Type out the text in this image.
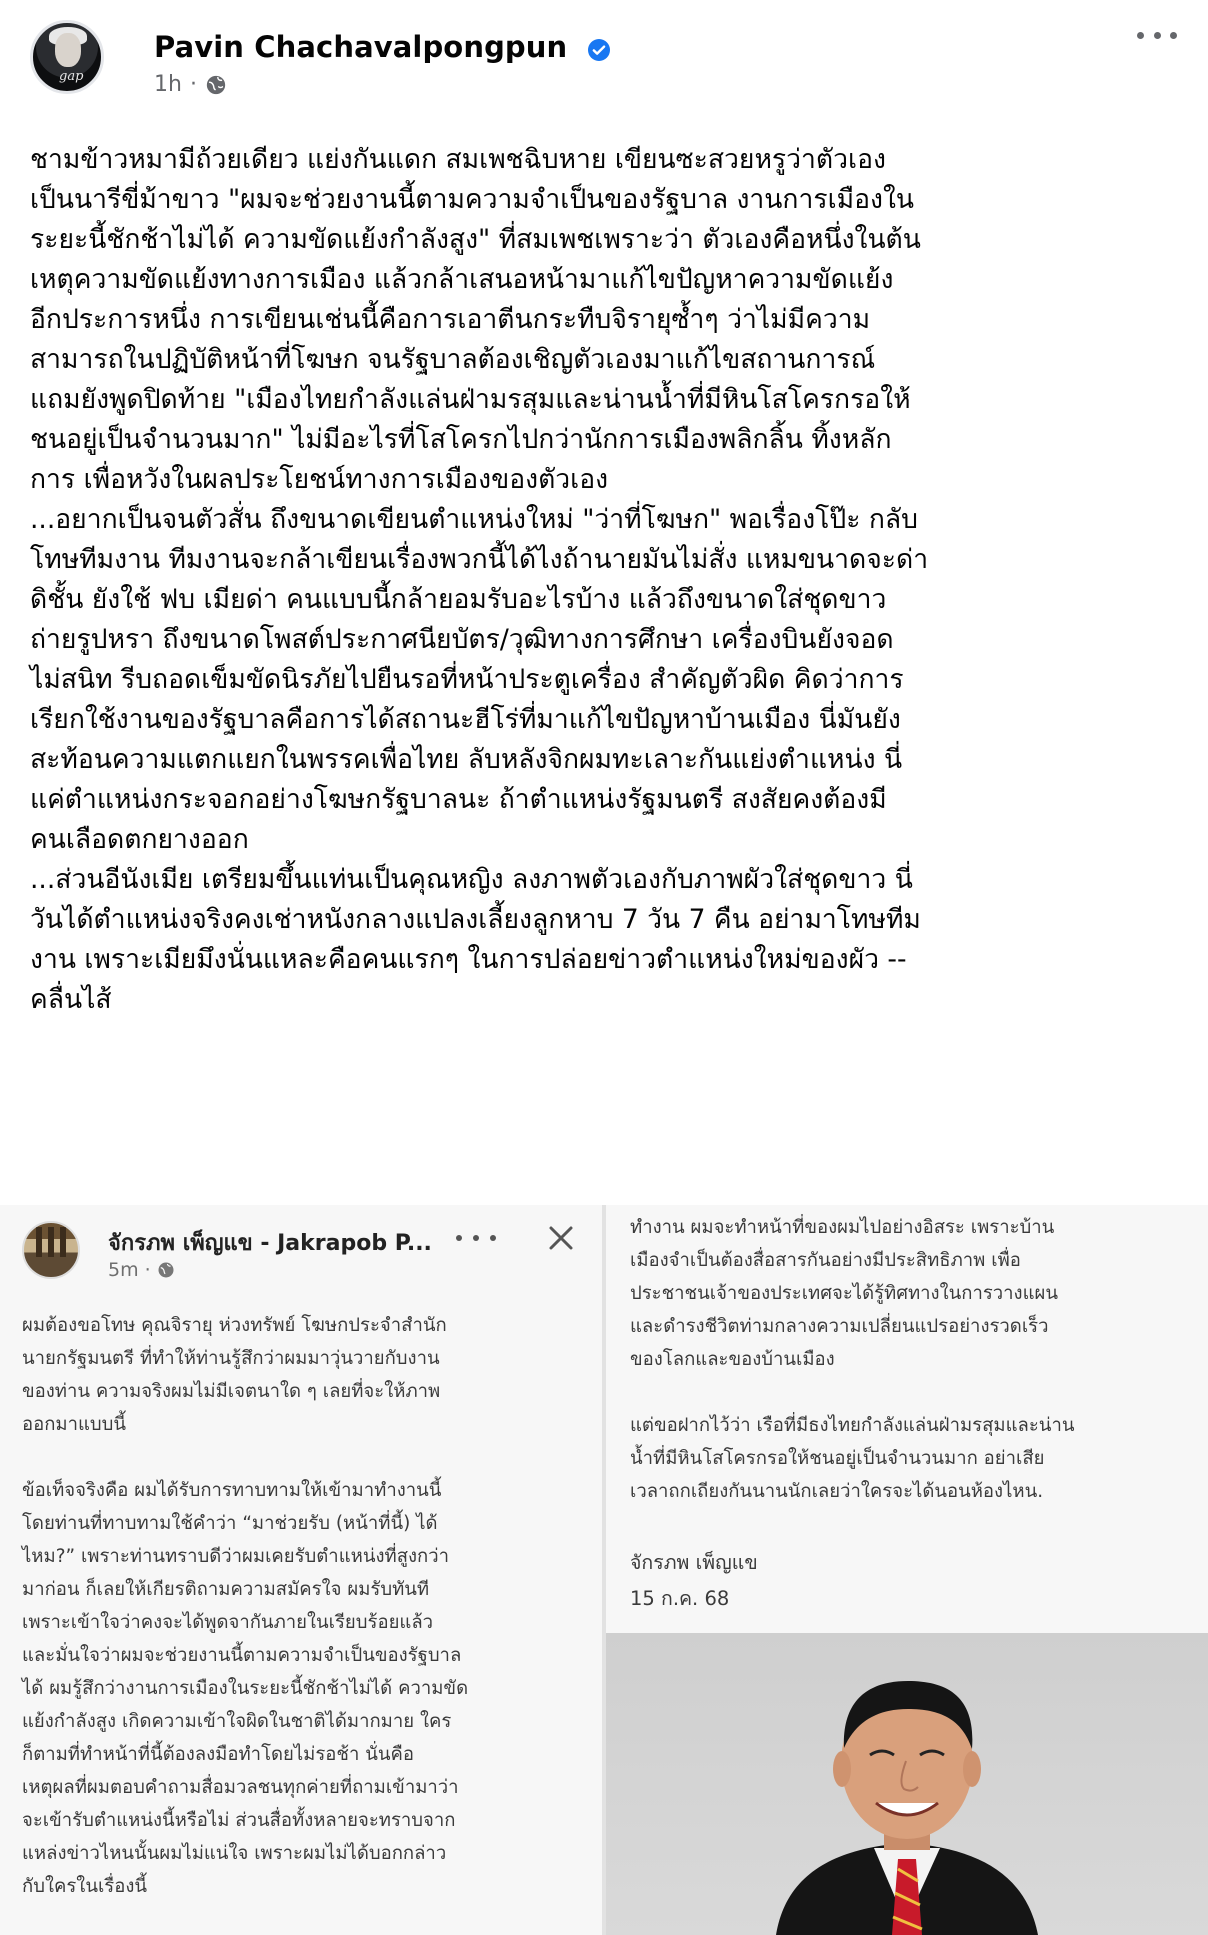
gap
Pavin Chachavalpongpun
1h ·
ชามข้าวหมามีถ้วยเดียว แย่งกันแดก สมเพชฉิบหาย เขียนซะสวยหรูว่าตัวเอง
เป็นนารีขี่ม้าขาว "ผมจะช่วยงานนี้ตามความจำเป็นของรัฐบาล งานการเมืองใน
ระยะนี้ชักช้าไม่ได้ ความขัดแย้งกำลังสูง" ที่สมเพชเพราะว่า ตัวเองคือหนึ่งในต้น
เหตุความขัดแย้งทางการเมือง แล้วกล้าเสนอหน้ามาแก้ไขปัญหาความขัดแย้ง
อีกประการหนึ่ง การเขียนเช่นนี้คือการเอาตีนกระทืบจิรายุซ้ำๆ ว่าไม่มีความ
สามารถในปฏิบัติหน้าที่โฆษก จนรัฐบาลต้องเชิญตัวเองมาแก้ไขสถานการณ์
แถมยังพูดปิดท้าย "เมืองไทยกำลังแล่นฝ่ามรสุมและน่านน้ำที่มีหินโสโครกรอให้
ชนอยู่เป็นจำนวนมาก" ไม่มีอะไรที่โสโครกไปกว่านักการเมืองพลิกลิ้น ทิ้งหลัก
การ เพื่อหวังในผลประโยชน์ทางการเมืองของตัวเอง
...อยากเป็นจนตัวสั่น ถึงขนาดเขียนตำแหน่งใหม่ "ว่าที่โฆษก" พอเรื่องโป๊ะ กลับ
โทษทีมงาน ทีมงานจะกล้าเขียนเรื่องพวกนี้ได้ไงถ้านายมันไม่สั่ง แหมขนาดจะด่า
ดิชั้น ยังใช้ ฟบ เมียด่า คนแบบนี้กล้ายอมรับอะไรบ้าง แล้วถึงขนาดใส่ชุดขาว
ถ่ายรูปหรา ถึงขนาดโพสต์ประกาศนียบัตร/วุฒิทางการศึกษา เครื่องบินยังจอด
ไม่สนิท รีบถอดเข็มขัดนิรภัยไปยืนรอที่หน้าประตูเครื่อง สำคัญตัวผิด คิดว่าการ
เรียกใช้งานของรัฐบาลคือการได้สถานะฮีโร่ที่มาแก้ไขปัญหาบ้านเมือง นี่มันยัง
สะท้อนความแตกแยกในพรรคเพื่อไทย ลับหลังจิกผมทะเลาะกันแย่งตำแหน่ง นี่
แค่ตำแหน่งกระจอกอย่างโฆษกรัฐบาลนะ ถ้าตำแหน่งรัฐมนตรี สงสัยคงต้องมี
คนเลือดตกยางออก
...ส่วนอีนังเมีย เตรียมขึ้นแท่นเป็นคุณหญิง ลงภาพตัวเองกับภาพผัวใส่ชุดขาว นี่
วันได้ตำแหน่งจริงคงเช่าหนังกลางแปลงเลี้ยงลูกหาบ 7 วัน 7 คืน อย่ามาโทษทีม
งาน เพราะเมียมึงนั่นแหละคือคนแรกๆ ในการปล่อยข่าวตำแหน่งใหม่ของผัว --
คลื่นไส้
จักรภพ เพ็ญแข - Jakrapob P...
5m ·
ผมต้องขอโทษ คุณจิรายุ ห่วงทรัพย์ โฆษกประจำสำนัก
นายกรัฐมนตรี ที่ทำให้ท่านรู้สึกว่าผมมาวุ่นวายกับงาน
ของท่าน ความจริงผมไม่มีเจตนาใด ๆ เลยที่จะให้ภาพ
ออกมาแบบนี้

ข้อเท็จจริงคือ ผมได้รับการทาบทามให้เข้ามาทำงานนี้
โดยท่านที่ทาบทามใช้คำว่า “มาช่วยรับ (หน้าที่นี้) ได้
ไหม?” เพราะท่านทราบดีว่าผมเคยรับตำแหน่งที่สูงกว่า
มาก่อน ก็เลยให้เกียรติถามความสมัครใจ ผมรับทันที
เพราะเข้าใจว่าคงจะได้พูดจากันภายในเรียบร้อยแล้ว
และมั่นใจว่าผมจะช่วยงานนี้ตามความจำเป็นของรัฐบาล
ได้ ผมรู้สึกว่างานการเมืองในระยะนี้ชักช้าไม่ได้ ความขัด
แย้งกำลังสูง เกิดความเข้าใจผิดในชาติได้มากมาย ใคร
ก็ตามที่ทำหน้าที่นี้ต้องลงมือทำโดยไม่รอช้า นั่นคือ
เหตุผลที่ผมตอบคำถามสื่อมวลชนทุกค่ายที่ถามเข้ามาว่า
จะเข้ารับตำแหน่งนี้หรือไม่ ส่วนสื่อทั้งหลายจะทราบจาก
แหล่งข่าวไหนนั้นผมไม่แน่ใจ เพราะผมไม่ได้บอกกล่าว
กับใครในเรื่องนี้
ทำงาน ผมจะทำหน้าที่ของผมไปอย่างอิสระ เพราะบ้าน
เมืองจำเป็นต้องสื่อสารกันอย่างมีประสิทธิภาพ เพื่อ
ประชาชนเจ้าของประเทศจะได้รู้ทิศทางในการวางแผน
และดำรงชีวิตท่ามกลางความเปลี่ยนแปรอย่างรวดเร็ว
ของโลกและของบ้านเมือง

แต่ขอฝากไว้ว่า เรือที่มีธงไทยกำลังแล่นฝ่ามรสุมและน่าน
น้ำที่มีหินโสโครกรอให้ชนอยู่เป็นจำนวนมาก อย่าเสีย
เวลาถกเถียงกันนานนักเลยว่าใครจะได้นอนห้องไหน.
จักรภพ เพ็ญแข
15 ก.ค. 68
